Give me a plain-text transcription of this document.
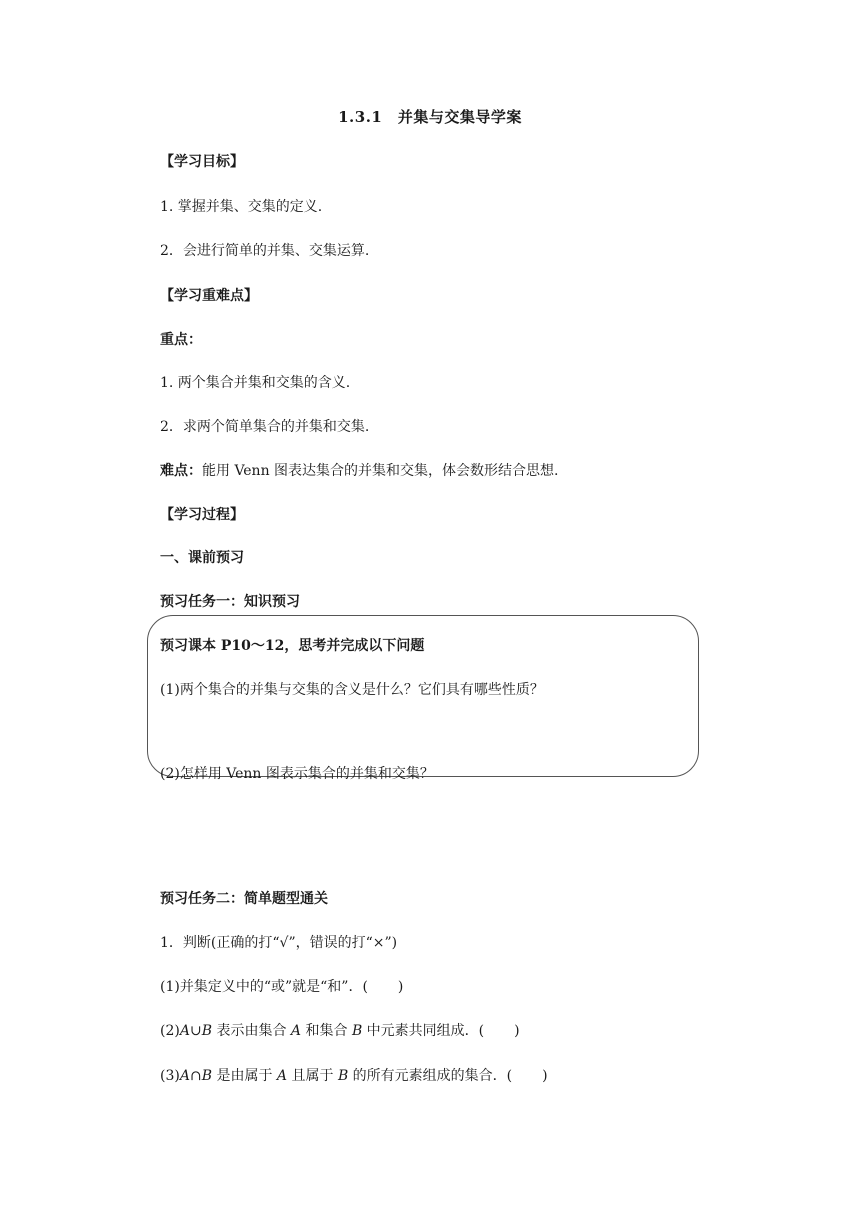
1.3.1　并集与交集导学案
【学习目标】
1. 掌握并集、交集的定义.
2．会进行简单的并集、交集运算.
【学习重难点】
重点：
1. 两个集合并集和交集的含义.
2．求两个简单集合的并集和交集.
难点：能用 Venn 图表达集合的并集和交集，体会数形结合思想.
【学习过程】
一、课前预习
预习任务一：知识预习
预习课本 P10～12，思考并完成以下问题
(1)两个集合的并集与交集的含义是什么？它们具有哪些性质？
(2)怎样用 Venn 图表示集合的并集和交集？
预习任务二：简单题型通关
1．判断(正确的打“√”，错误的打“×”)
(1)并集定义中的“或”就是“和”．( )
(2)A∪B 表示由集合 A 和集合 B 中元素共同组成．( )
(3)A∩B 是由属于 A 且属于 B 的所有元素组成的集合．( )
